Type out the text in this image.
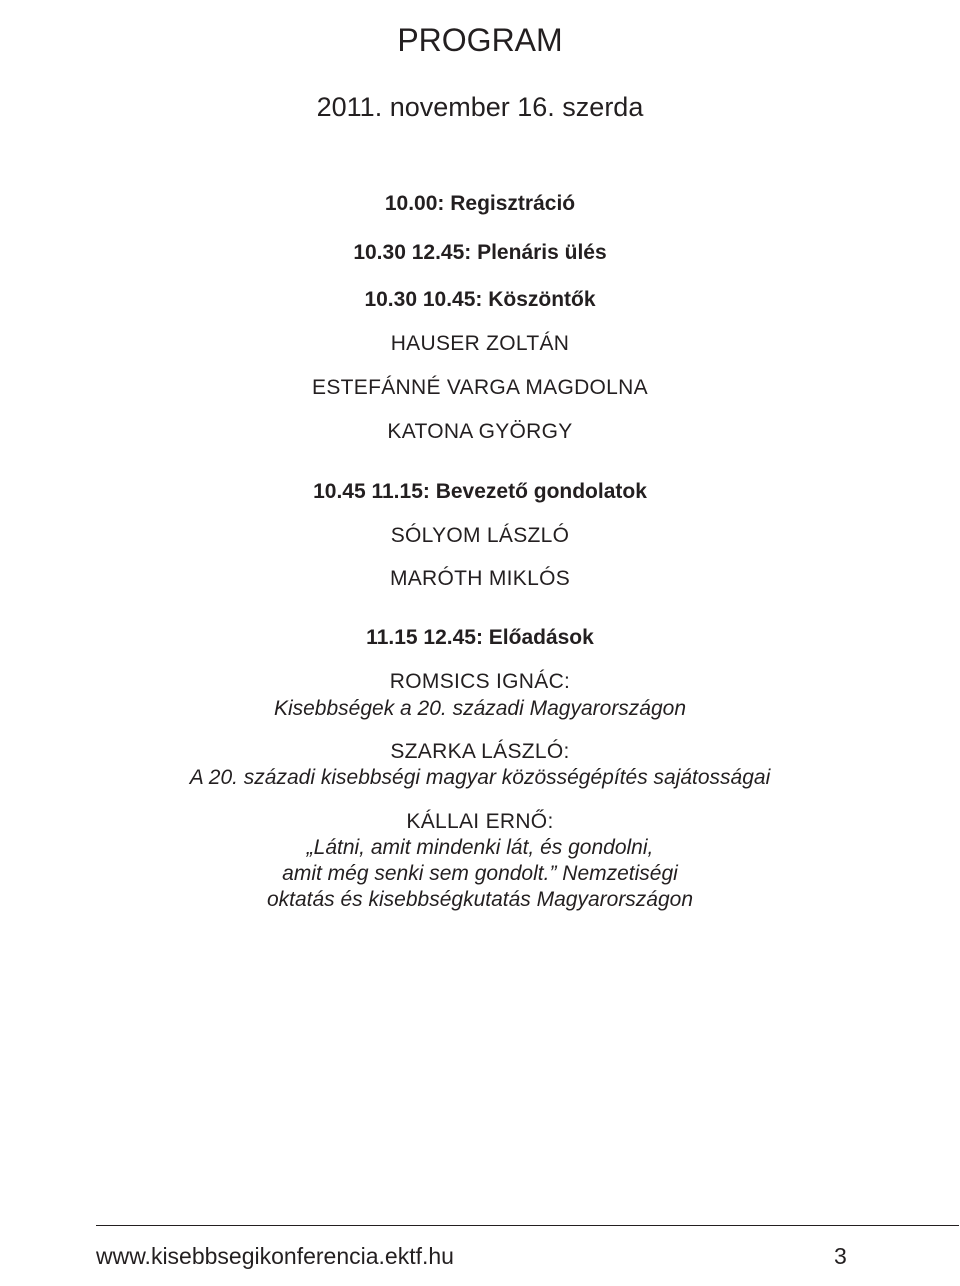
PROGRAM
2011. november 16. szerda
10.00: Regisztráció
10.30 12.45: Plenáris ülés
10.30 10.45: Köszöntők
HAUSER ZOLTÁN
ESTEFÁNNÉ VARGA MAGDOLNA
KATONA GYÖRGY
10.45 11.15: Bevezető gondolatok
SÓLYOM LÁSZLÓ
MARÓTH MIKLÓS
11.15 12.45: Előadások
ROMSICS IGNÁC:
Kisebbségek a 20. századi Magyarországon
SZARKA LÁSZLÓ:
A 20. századi kisebbségi magyar közösségépítés sajátosságai
KÁLLAI ERNŐ:
„Látni, amit mindenki lát, és gondolni,
amit még senki sem gondolt.” Nemzetiségi
oktatás és kisebbségkutatás Magyarországon
www.kisebbsegikonferencia.ektf.hu	3
